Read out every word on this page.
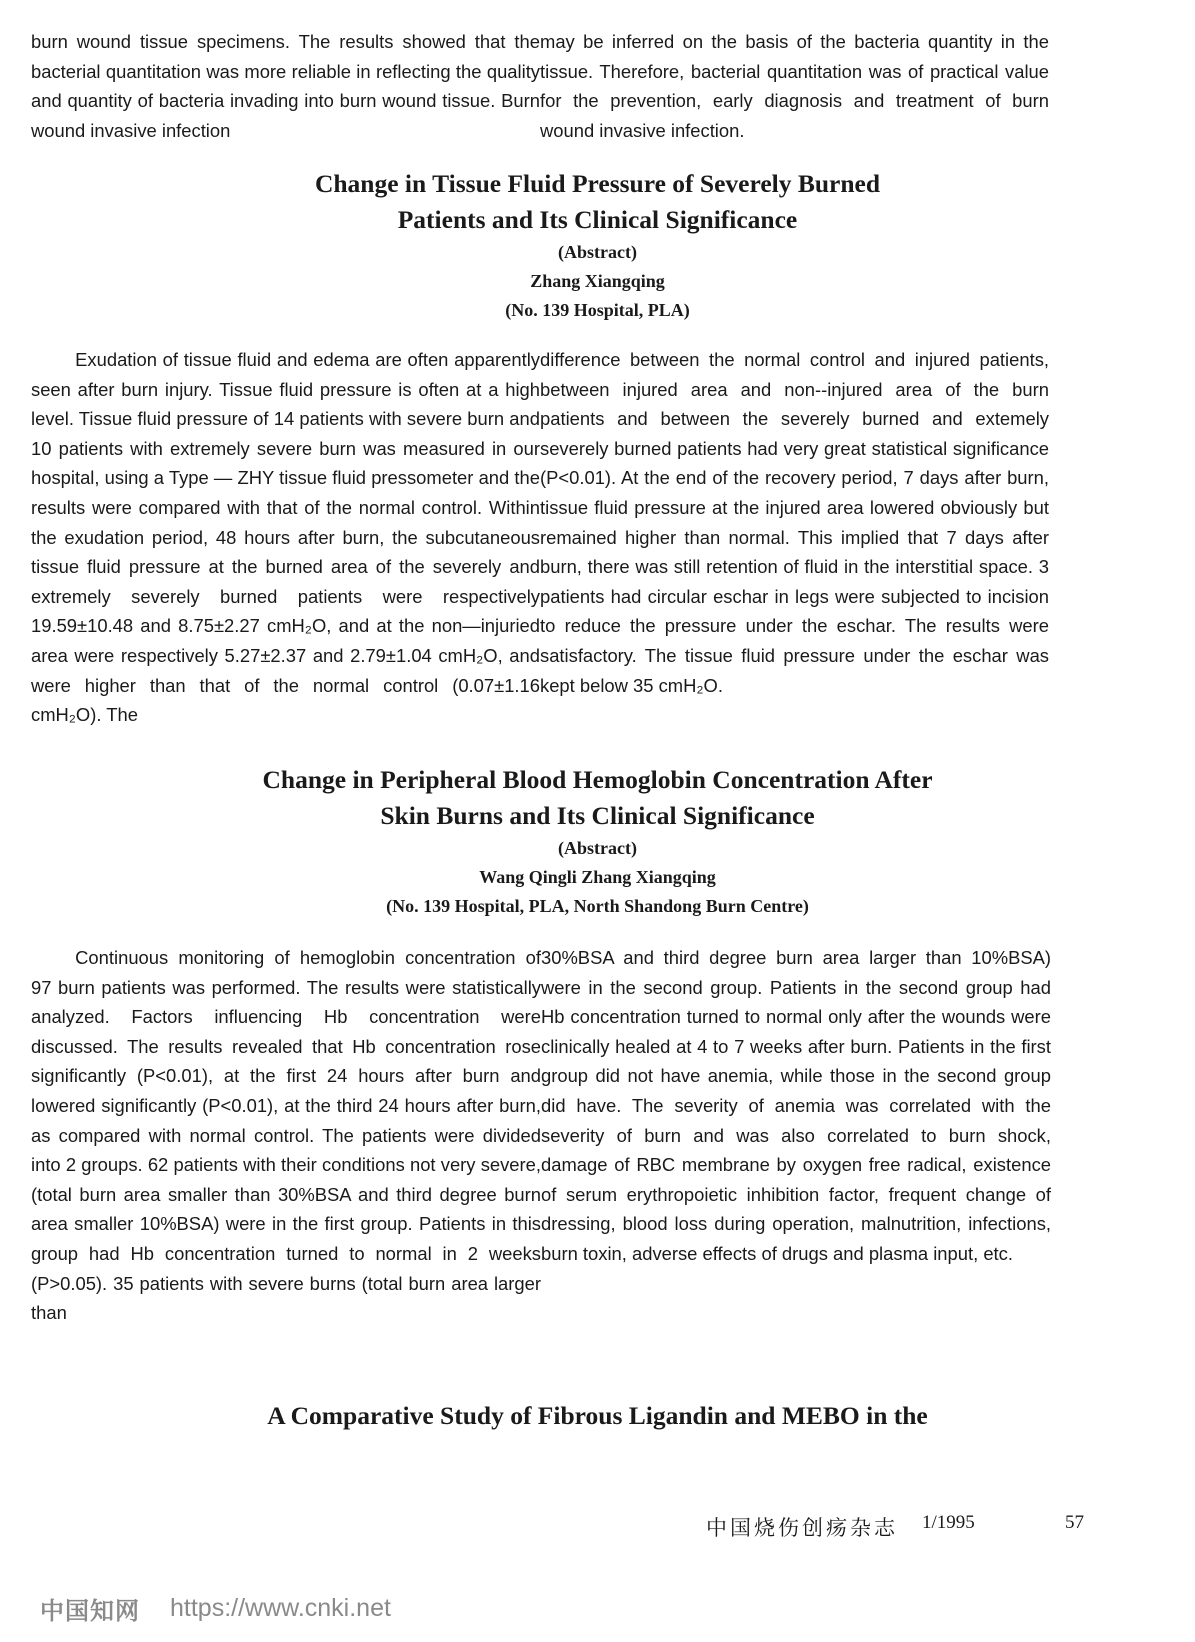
burn wound tissue specimens. The results showed that the bacterial quantitation was more reliable in reflecting the quality and quantity of bacteria invading into burn wound tissue. Burn wound invasive infection

may be inferred on the basis of the bacteria quantity in the tissue. Therefore, bacterial quantitation was of practical value for the prevention, early diagnosis and treatment of burn wound invasive infection.

Change in Tissue Fluid Pressure of Severely Burned
Patients and Its Clinical Significance
(Abstract)
Zhang Xiangqing
(No. 139 Hospital, PLA)

Exudation of tissue fluid and edema are often apparently seen after burn injury. Tissue fluid pressure is often at a high level. Tissue fluid pressure of 14 patients with severe burn and 10 patients with extremely severe burn was measured in our hospital, using a Type — ZHY tissue fluid pressometer and the results were compared with that of the normal control. Within the exudation period, 48 hours after burn, the subcutaneous tissue fluid pressure at the burned area of the severely and extremely severely burned patients were respectively 19.59±10.48 and 8.75±2.27 cmH₂O, and at the non—injuried area were respectively 5.27±2.37 and 2.79±1.04 cmH₂O, and were higher than that of the normal control (0.07±1.16 cmH₂O). The

difference between the normal control and injured patients, between injured area and non--injured area of the burn patients and between the severely burned and extemely severely burned patients had very great statistical significance (P<0.01). At the end of the recovery period, 7 days after burn, tissue fluid pressure at the injured area lowered obviously but remained higher than normal. This implied that 7 days after burn, there was still retention of fluid in the interstitial space. 3 patients had circular eschar in legs were subjected to incision to reduce the pressure under the eschar. The results were satisfactory. The tissue fluid pressure under the eschar was kept below 35 cmH₂O.

Change in Peripheral Blood Hemoglobin Concentration After
Skin Burns and Its Clinical Significance
(Abstract)
Wang Qingli Zhang Xiangqing
(No. 139 Hospital, PLA, North Shandong Burn Centre)

Continuous monitoring of hemoglobin concentration of 97 burn patients was performed. The results were statistically analyzed. Factors influencing Hb concentration were discussed. The results revealed that Hb concentration rose significantly (P<0.01), at the first 24 hours after burn and lowered significantly (P<0.01), at the third 24 hours after burn, as compared with normal control. The patients were divided into 2 groups. 62 patients with their conditions not very severe, (total burn area smaller than 30%BSA and third degree burn area smaller 10%BSA) were in the first group. Patients in this group had Hb concentration turned to normal in 2 weeks (P>0.05). 35 patients with severe burns (total burn area larger than

30%BSA and third degree burn area larger than 10%BSA) were in the second group. Patients in the second group had Hb concentration turned to normal only after the wounds were clinically healed at 4 to 7 weeks after burn. Patients in the first group did not have anemia, while those in the second group did have. The severity of anemia was correlated with the severity of burn and was also correlated to burn shock, damage of RBC membrane by oxygen free radical, existence of serum erythropoietic inhibition factor, frequent change of dressing, blood loss during operation, malnutrition, infections, burn toxin, adverse effects of drugs and plasma input, etc.

A Comparative Study of Fibrous Ligandin and MEBO in the
中国烧伤创疡杂志 1/1995	57
中国知网 https://www.cnki.net
